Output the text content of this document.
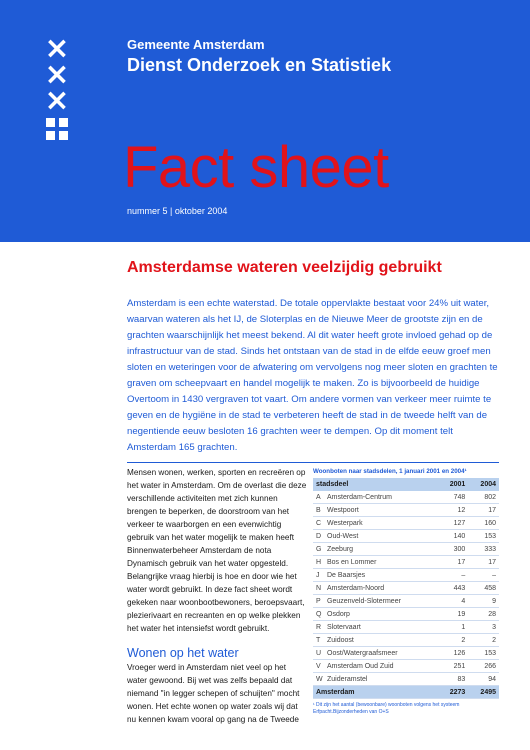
×
×
×
Gemeente Amsterdam
Dienst Onderzoek en Statistiek
Fact sheet
nummer 5 | oktober 2004
Amsterdamse wateren veelzijdig gebruikt
Amsterdam is een echte waterstad. De totale oppervlakte bestaat voor 24% uit water, waarvan wateren als het IJ, de Sloterplas en de Nieuwe Meer de grootste zijn en de grachten waarschijnlijk het meest bekend. Al dit water heeft grote invloed gehad op de infrastructuur van de stad. Sinds het ontstaan van de stad in de elfde eeuw groef men sloten en weteringen voor de afwatering om vervolgens nog meer sloten en grachten te graven om scheepvaart en handel mogelijk te maken. Zo is bijvoorbeeld de huidige Overtoom in 1430 vergraven tot vaart. Om andere vormen van verkeer meer ruimte te geven en de hygiëne in de stad te verbeteren heeft de stad in de tweede helft van de negentiende eeuw besloten 16 grachten weer te dempen. Op dit moment telt Amsterdam 165 grachten.

Mensen wonen, werken, sporten en recreëren op het water in Amsterdam. Om de overlast die deze verschillende activiteiten met zich kunnen brengen te beperken, de doorstroom van het verkeer te waarborgen en een evenwichtig gebruik van het water mogelijk te maken heeft Binnenwaterbeheer Amsterdam de nota Dynamisch gebruik van het water opgesteld. Belangrijke vraag hierbij is hoe en door wie het water wordt gebruikt. In deze fact sheet wordt gekeken naar woonbootbewoners, beroepsvaart, plezierivaart en recreanten en op welke plekken het water het intensiefst wordt gebruikt.

Wonen op het water

Vroeger werd in Amsterdam niet veel op het water gewoond. Bij wet was zelfs bepaald dat niemand "in legger schepen of schuijten" mocht wonen. Het echte wonen op water zoals wij dat nu kennen kwam vooral op gang na de Tweede

Woonboten naar stadsdelen, 1 januari 2001 en 2004¹
stadsdeel		2001	2004
A	Amsterdam-Centrum	748	802
B	Westpoort	12	17
C	Westerpark	127	160
D	Oud-West	140	153
G	Zeeburg	300	333
H	Bos en Lommer	17	17
J	De Baarsjes	–	–
N	Amsterdam-Noord	443	458
P	Geuzenveld-Slotermeer	4	9
Q	Osdorp	19	28
R	Slotervaart	1	3
T	Zuidoost	2	2
U	Oost/Watergraafsmeer	126	153
V	Amsterdam Oud Zuid	251	266
W	Zuideramstel	83	94
Amsterdam		2273	2495
¹ Dit zijn het aantal (bewoonbare) woonboten volgens het systeem Erfpacht.Bijzonderheden van O+S
